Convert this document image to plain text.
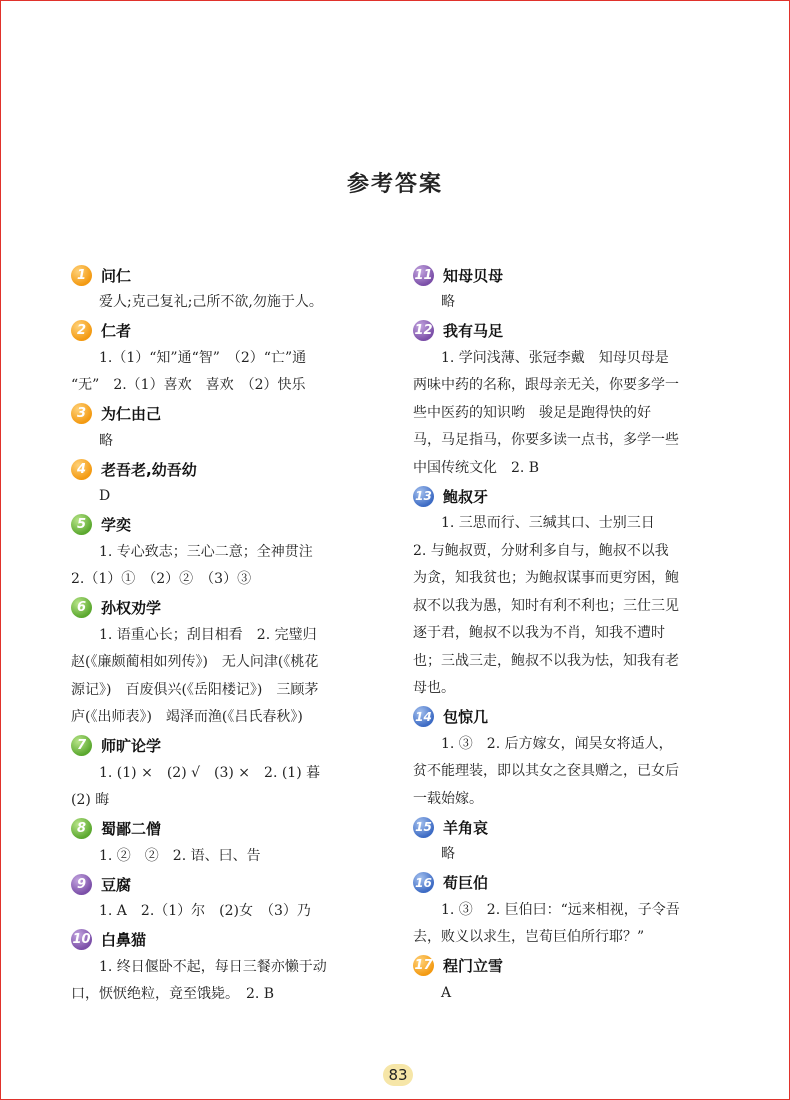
参考答案
1 问仁
爱人;克己复礼;己所不欲,勿施于人。
2 仁者
1.（1）“知”通“智”　（2）“亡”通
“无”　2.（1）喜欢　喜欢　（2）快乐
3 为仁由己
略
4 老吾老,幼吾幼
D
5 学奕
1. 专心致志；三心二意；全神贯注
2.（1）①　（2）②　（3）③
6 孙权劝学
1. 语重心长；刮目相看　2. 完璧归
赵(《廉颇蔺相如列传》)　无人问津(《桃花
源记》)　百废俱兴(《岳阳楼记》)　三顾茅
庐(《出师表》)　竭泽而渔(《吕氏春秋》)
7 师旷论学
1. (1) ×　(2) √　(3) ×　2. (1) 暮
(2) 晦
8 蜀鄙二僧
1. ②　②　2. 语、曰、告
9 豆腐
1. A　2.（1）尔　(2)女　（3）乃
10 白鼻猫
1. 终日偃卧不起，每日三餐亦懒于动
口，恹恹绝粒，竟至饿毙。　2. B
11 知母贝母
略
12 我有马足
1. 学问浅薄、张冠李戴　知母贝母是
两味中药的名称，跟母亲无关，你要多学一
些中医药的知识哟　骏足是跑得快的好
马，马足指马，你要多读一点书，多学一些
中国传统文化　2. B
13 鲍叔牙
1. 三思而行、三缄其口、士别三日
2. 与鲍叔贾，分财利多自与，鲍叔不以我
为贪，知我贫也；为鲍叔谋事而更穷困，鲍
叔不以我为愚，知时有利不利也；三仕三见
逐于君，鲍叔不以我为不肖，知我不遭时
也；三战三走，鲍叔不以我为怯，知我有老
母也。
14 包惊几
1. ③　2. 后方嫁女，闻吴女将适人，
贫不能理装，即以其女之奁具赠之，已女后
一载始嫁。
15 羊角哀
略
16 荀巨伯
1. ③　2. 巨伯曰：“远来相视，子令吾
去，败义以求生，岂荀巨伯所行耶？”
17 程门立雪
A
83
